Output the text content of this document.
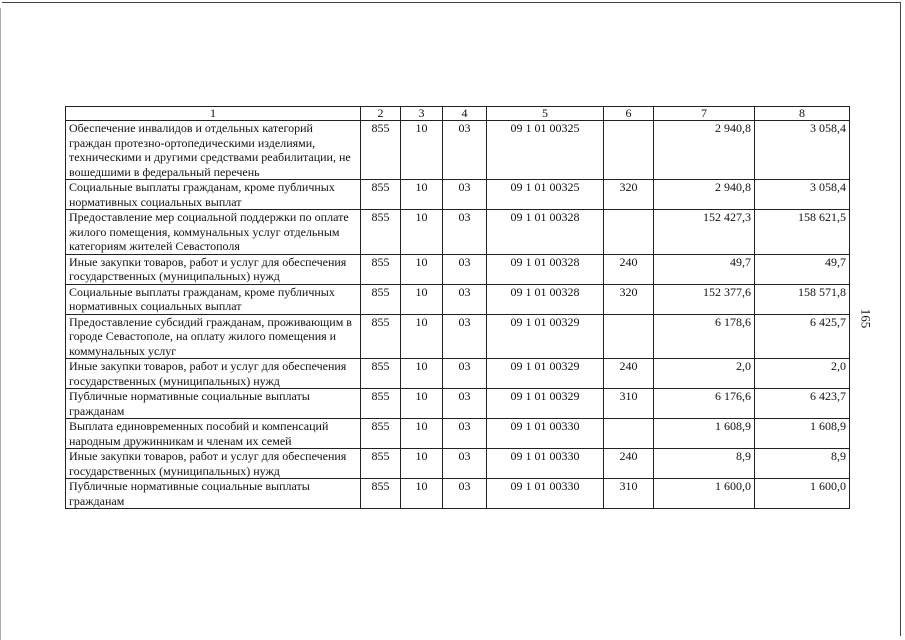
1	2	3	4	5	6	7	8
Обеспечение инвалидов и отдельных категорий граждан протезно-ортопедическими изделиями, техническими и другими средствами реабилитации, не вошедшими в федеральный перечень	855	10	03	09 1 01 00325		2 940,8	3 058,4
Социальные выплаты гражданам, кроме публичных нормативных социальных выплат	855	10	03	09 1 01 00325	320	2 940,8	3 058,4
Предоставление мер социальной поддержки по оплате жилого помещения, коммунальных услуг отдельным категориям жителей Севастополя	855	10	03	09 1 01 00328		152 427,3	158 621,5
Иные закупки товаров, работ и услуг для обеспечения государственных (муниципальных) нужд	855	10	03	09 1 01 00328	240	49,7	49,7
Социальные выплаты гражданам, кроме публичных нормативных социальных выплат	855	10	03	09 1 01 00328	320	152 377,6	158 571,8
Предоставление субсидий гражданам, проживающим в городе Севастополе, на оплату жилого помещения и коммунальных услуг	855	10	03	09 1 01 00329		6 178,6	6 425,7
Иные закупки товаров, работ и услуг для обеспечения государственных (муниципальных) нужд	855	10	03	09 1 01 00329	240	2,0	2,0
Публичные нормативные социальные выплаты гражданам	855	10	03	09 1 01 00329	310	6 176,6	6 423,7
Выплата единовременных пособий и компенсаций народным дружинникам и членам их семей	855	10	03	09 1 01 00330		1 608,9	1 608,9
Иные закупки товаров, работ и услуг для обеспечения государственных (муниципальных) нужд	855	10	03	09 1 01 00330	240	8,9	8,9
Публичные нормативные социальные выплаты гражданам	855	10	03	09 1 01 00330	310	1 600,0	1 600,0
165
